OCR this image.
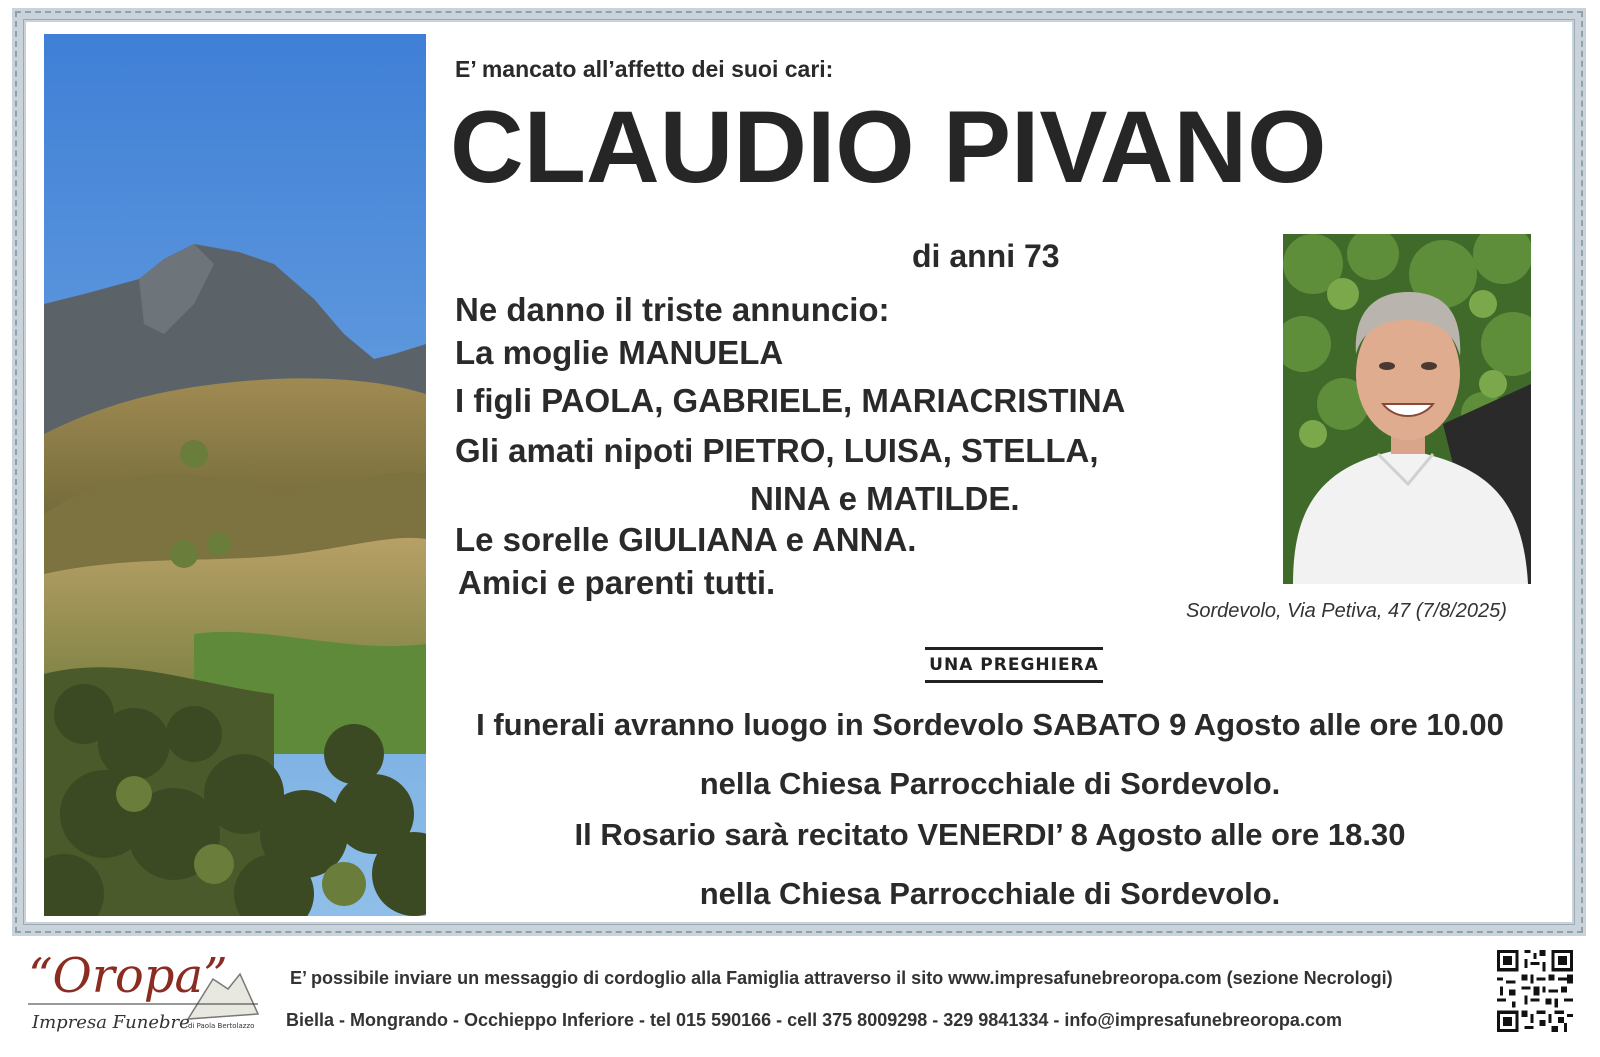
E’ mancato all’affetto dei suoi cari:
CLAUDIO PIVANO
di anni 73
Ne danno il triste annuncio:
La moglie MANUELA
I figli PAOLA, GABRIELE, MARIACRISTINA
Gli amati nipoti PIETRO, LUISA, STELLA,
NINA e MATILDE.
Le sorelle GIULIANA e ANNA.
Amici e parenti tutti.
Sordevolo, Via Petiva, 47 (7/8/2025)
UNA PREGHIERA
I funerali avranno luogo in Sordevolo SABATO 9 Agosto alle ore 10.00
nella Chiesa Parrocchiale di Sordevolo.
Il Rosario sarà recitato VENERDI’ 8 Agosto alle ore 18.30
nella Chiesa Parrocchiale di Sordevolo.
“Oropa”
Impresa Funebre
di Paola Bertolazzo
E’ possibile inviare un messaggio di cordoglio alla Famiglia attraverso il sito www.impresafunebreoropa.com (sezione Necrologi)
Biella - Mongrando - Occhieppo Inferiore - tel 015 590166 - cell 375 8009298 - 329 9841334 - info@impresafunebreoropa.com
